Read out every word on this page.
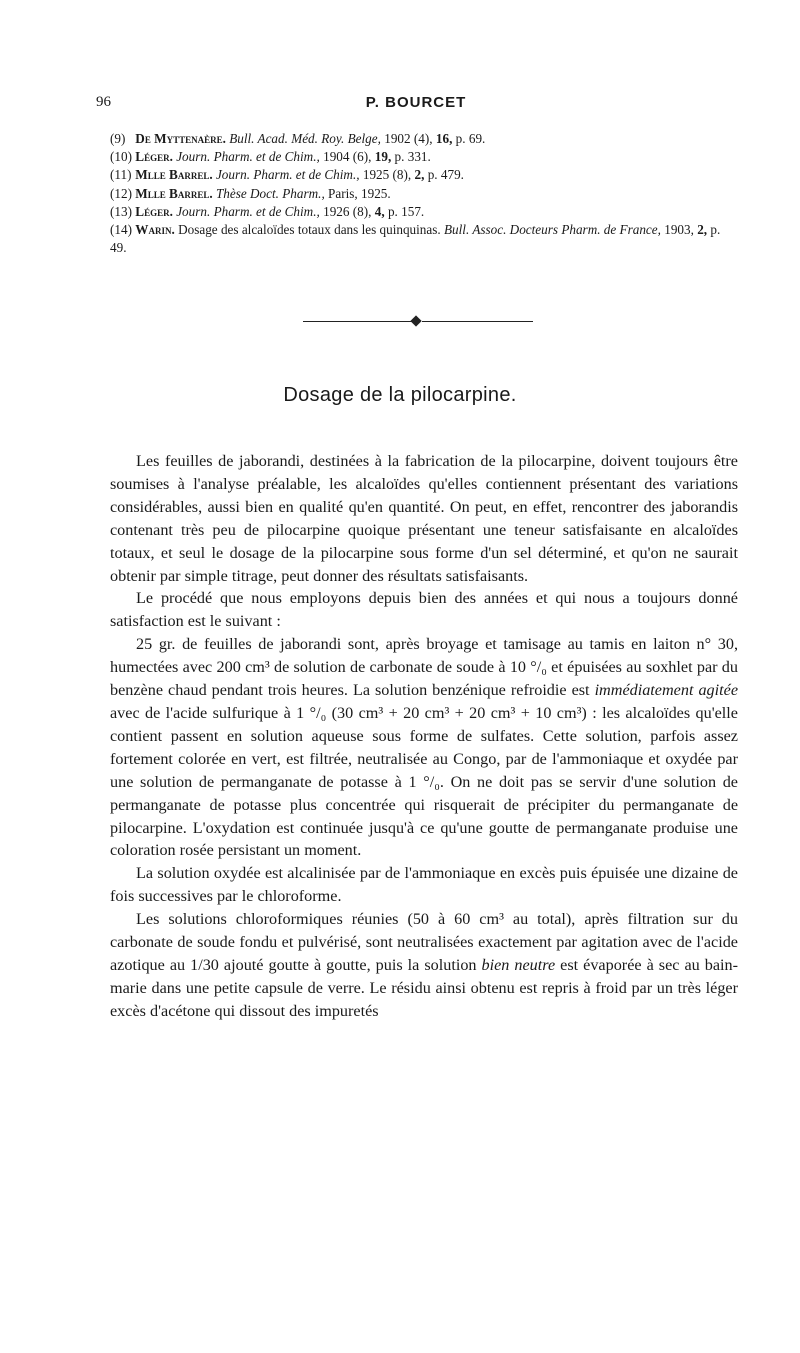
96	P. BOURCET

(9) De Myttenaère. Bull. Acad. Méd. Roy. Belge, 1902 (4), 16, p. 69.

(10) Léger. Journ. Pharm. et de Chim., 1904 (6), 19, p. 331.

(11) Mlle Barrel. Journ. Pharm. et de Chim., 1925 (8), 2, p. 479.

(12) Mlle Barrel. Thèse Doct. Pharm., Paris, 1925.

(13) Léger. Journ. Pharm. et de Chim., 1926 (8), 4, p. 157.

(14) Warin. Dosage des alcaloïdes totaux dans les quinquinas. Bull. Assoc. Docteurs Pharm. de France, 1903, 2, p. 49.

Dosage de la pilocarpine.

Les feuilles de jaborandi, destinées à la fabrication de la pilocarpine, doivent toujours être soumises à l'analyse préalable, les alcaloïdes qu'elles contiennent présentant des variations considérables, aussi bien en qualité qu'en quantité. On peut, en effet, rencontrer des jaborandis contenant très peu de pilocarpine quoique présentant une teneur satisfaisante en alcaloïdes totaux, et seul le dosage de la pilocarpine sous forme d'un sel déterminé, et qu'on ne saurait obtenir par simple titrage, peut donner des résultats satisfaisants.

Le procédé que nous employons depuis bien des années et qui nous a toujours donné satisfaction est le suivant :

25 gr. de feuilles de jaborandi sont, après broyage et tamisage au tamis en laiton n° 30, humectées avec 200 cm³ de solution de carbonate de soude à 10 °/₀ et épuisées au soxhlet par du benzène chaud pendant trois heures. La solution benzénique refroidie est immédiatement agitée avec de l'acide sulfurique à 1 °/₀ (30 cm³ + 20 cm³ + 20 cm³ + 10 cm³) : les alcaloïdes qu'elle contient passent en solution aqueuse sous forme de sulfates. Cette solution, parfois assez fortement colorée en vert, est filtrée, neutralisée au Congo, par de l'ammoniaque et oxydée par une solution de permanganate de potasse à 1 °/₀. On ne doit pas se servir d'une solution de permanganate de potasse plus concentrée qui risquerait de précipiter du permanganate de pilocarpine. L'oxydation est continuée jusqu'à ce qu'une goutte de permanganate produise une coloration rosée persistant un moment.

La solution oxydée est alcalinisée par de l'ammoniaque en excès puis épuisée une dizaine de fois successives par le chloroforme.

Les solutions chloroformiques réunies (50 à 60 cm³ au total), après filtration sur du carbonate de soude fondu et pulvérisé, sont neutralisées exactement par agitation avec de l'acide azotique au 1/30 ajouté goutte à goutte, puis la solution bien neutre est évaporée à sec au bain-marie dans une petite capsule de verre. Le résidu ainsi obtenu est repris à froid par un très léger excès d'acétone qui dissout des impuretés
